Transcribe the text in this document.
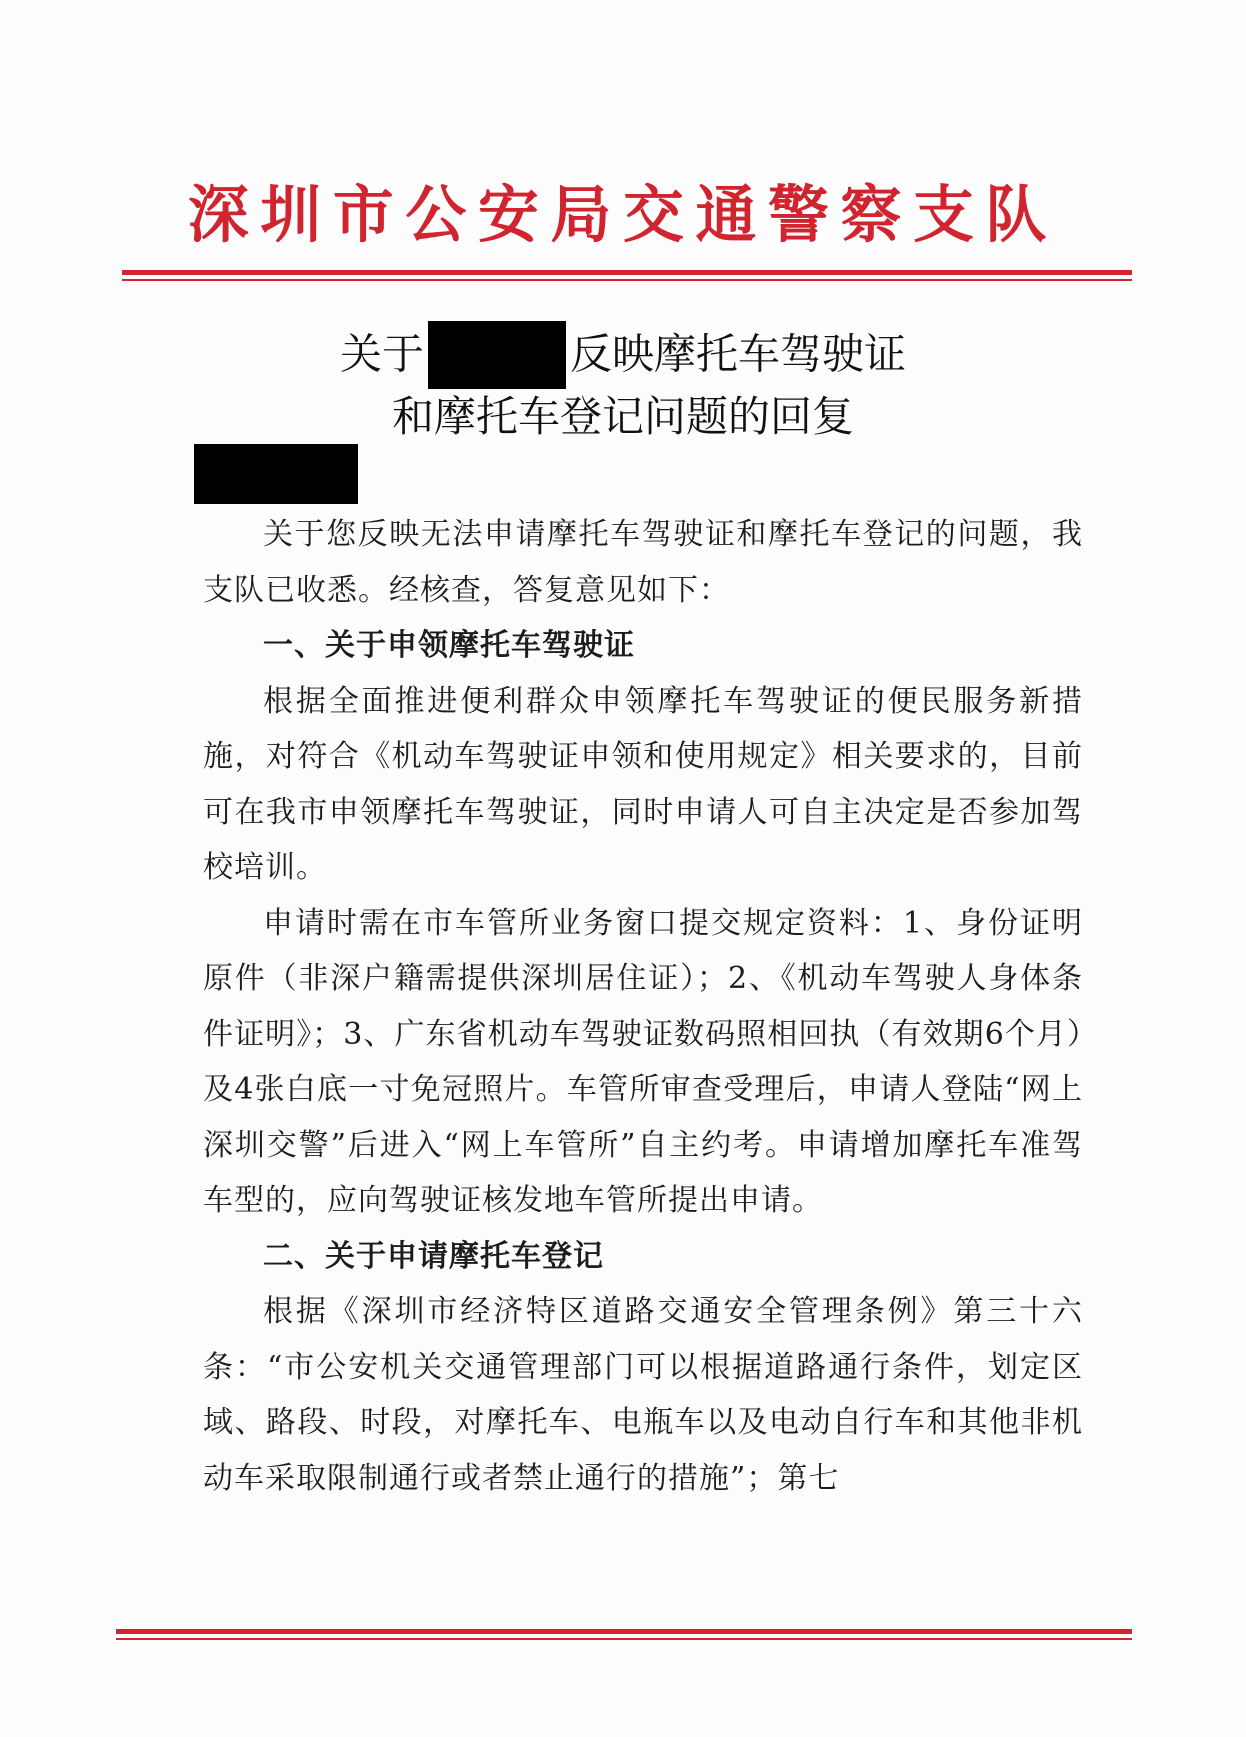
深圳市公安局交通警察支队
关于	反映摩托车驾驶证
和摩托车登记问题的回复

关于您反映无法申请摩托车驾驶证和摩托车登记的问题，我支队已收悉。经核查，答复意见如下：

一、关于申领摩托车驾驶证

根据全面推进便利群众申领摩托车驾驶证的便民服务新措施，对符合《机动车驾驶证申领和使用规定》相关要求的，目前可在我市申领摩托车驾驶证，同时申请人可自主决定是否参加驾校培训。

申请时需在市车管所业务窗口提交规定资料：1、身份证明原件（非深户籍需提供深圳居住证）；2、《机动车驾驶人身体条件证明》；3、广东省机动车驾驶证数码照相回执（有效期6个月）及4张白底一寸免冠照片。车管所审查受理后，申请人登陆“网上深圳交警”后进入“网上车管所”自主约考。申请增加摩托车准驾车型的，应向驾驶证核发地车管所提出申请。

二、关于申请摩托车登记

根据《深圳市经济特区道路交通安全管理条例》第三十六条：“市公安机关交通管理部门可以根据道路通行条件，划定区域、路段、时段，对摩托车、电瓶车以及电动自行车和其他非机动车采取限制通行或者禁止通行的措施”；第七
